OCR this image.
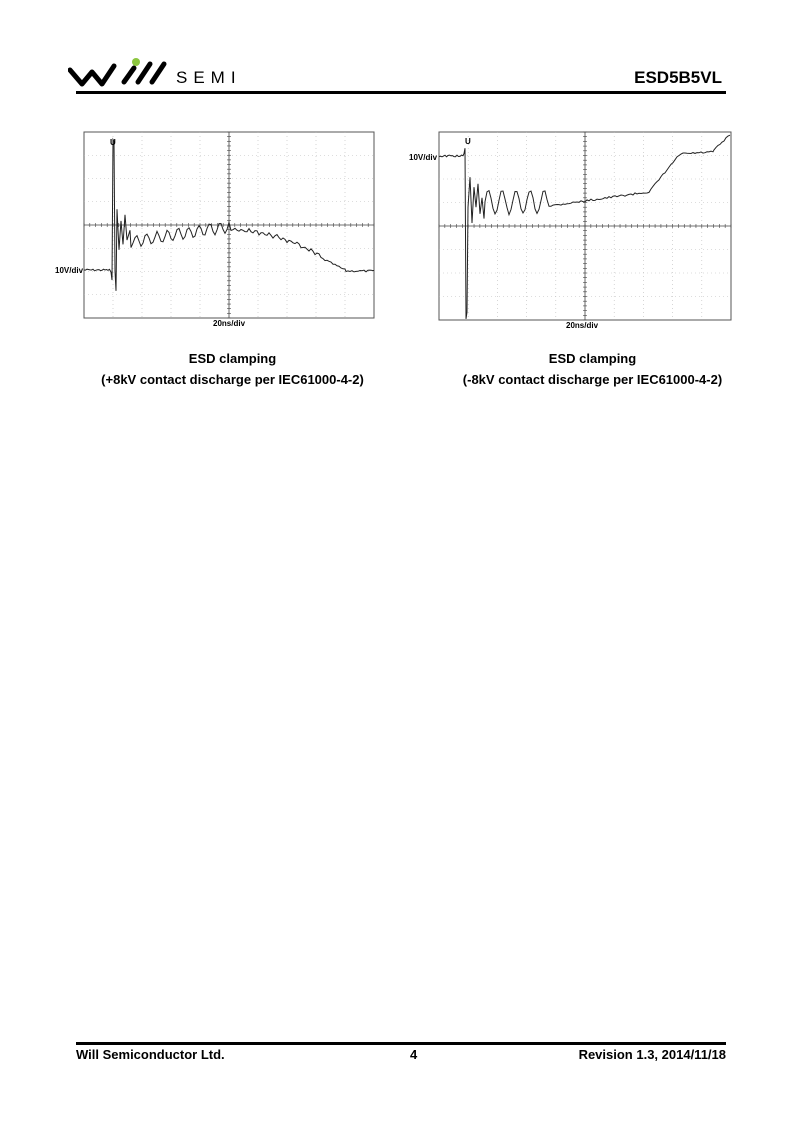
SEMI	ESD5B5VL
10V/div
20ns/div
U
ESD clamping
(+8kV contact discharge per IEC61000-4-2)
10V/div
20ns/div
U
ESD clamping
(-8kV contact discharge per IEC61000-4-2)
Will Semiconductor Ltd.	4	Revision 1.3, 2014/11/18
